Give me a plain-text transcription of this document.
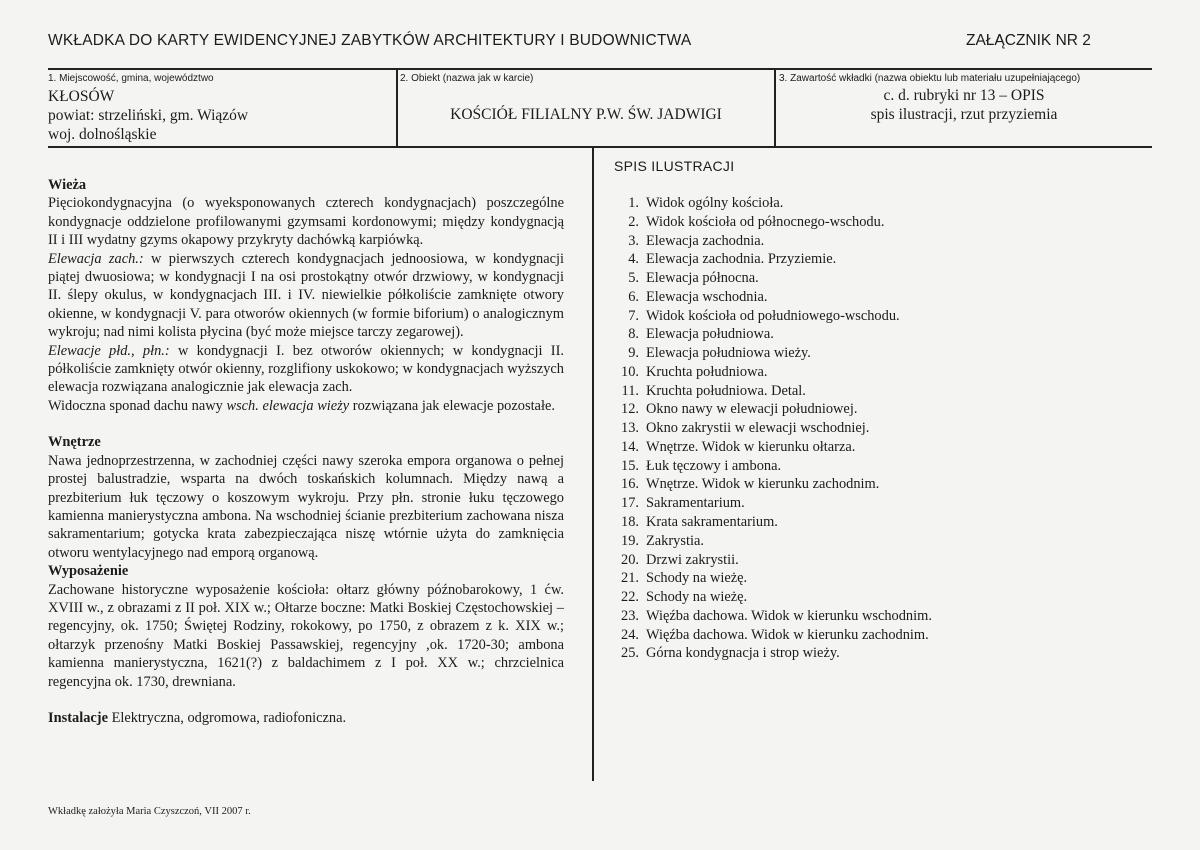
WKŁADKA DO KARTY EWIDENCYJNEJ ZABYTKÓW ARCHITEKTURY I BUDOWNICTWA	ZAŁĄCZNIK NR 2
1. Miejscowość, gmina, województwo
KŁOSÓW
powiat: strzeliński, gm. Wiązów
woj. dolnośląskie
2. Obiekt (nazwa jak w karcie)
KOŚCIÓŁ FILIALNY P.W. ŚW. JADWIGI
3. Zawartość wkładki (nazwa obiektu lub materiału uzupełniającego)
c. d. rubryki nr 13 – OPIS
spis ilustracji, rzut przyziemia

Wieża

Pięciokondygnacyjna (o wyeksponowanych czterech kondygnacjach) poszczególne kondygnacje oddzielone profilowanymi gzymsami kordonowymi; między kondygnacją II i III wydatny gzyms okapowy przykryty dachówką karpiówką.

Elewacja zach.: w pierwszych czterech kondygnacjach jednoosiowa, w kondygnacji piątej dwuosiowa; w kondygnacji I na osi prostokątny otwór drzwiowy, w kondygnacji II. ślepy okulus, w kondygnacjach III. i IV. niewielkie półkoliście zamknięte otwory okienne, w kondygnacji V. para otworów okiennych (w formie biforium) o analogicznym wykroju; nad nimi kolista płycina (być może miejsce tarczy zegarowej).

Elewacje płd., płn.: w kondygnacji I. bez otworów okiennych; w kondygnacji II. półkoliście zamknięty otwór okienny, rozglifiony uskokowo; w kondygnacjach wyższych elewacja rozwiązana analogicznie jak elewacja zach.

Widoczna sponad dachu nawy wsch. elewacja wieży rozwiązana jak elewacje pozostałe.

Wnętrze

Nawa jednoprzestrzenna, w zachodniej części nawy szeroka empora organowa o pełnej prostej balustradzie, wsparta na dwóch toskańskich kolumnach. Między nawą a prezbiterium łuk tęczowy o koszowym wykroju. Przy płn. stronie łuku tęczowego kamienna manierystyczna ambona. Na wschodniej ścianie prezbiterium zachowana nisza sakramentarium; gotycka krata zabezpieczająca niszę wtórnie użyta do zamknięcia otworu wentylacyjnego nad emporą organową.

Wyposażenie

Zachowane historyczne wyposażenie kościoła: ołtarz główny późnobarokowy, 1 ćw. XVIII w., z obrazami z II poł. XIX w.; Ołtarze boczne: Matki Boskiej Częstochowskiej – regencyjny, ok. 1750; Świętej Rodziny, rokokowy, po 1750, z obrazem z k. XIX w.; ołtarzyk przenośny Matki Boskiej Passawskiej, regencyjny ,ok. 1720-30; ambona kamienna manierystyczna, 1621(?) z baldachimem z I poł. XX w.; chrzcielnica regencyjna ok. 1730, drewniana.

Instalacje Elektryczna, odgromowa, radiofoniczna.

SPIS ILUSTRACJI
1. Widok ogólny kościoła.
2. Widok kościoła od północnego-wschodu.
3. Elewacja zachodnia.
4. Elewacja zachodnia. Przyziemie.
5. Elewacja północna.
6. Elewacja wschodnia.
7. Widok kościoła od południowego-wschodu.
8. Elewacja południowa.
9. Elewacja południowa wieży.
10. Kruchta południowa.
11. Kruchta południowa. Detal.
12. Okno nawy w elewacji południowej.
13. Okno zakrystii w elewacji wschodniej.
14. Wnętrze. Widok w kierunku ołtarza.
15. Łuk tęczowy i ambona.
16. Wnętrze. Widok w kierunku zachodnim.
17. Sakramentarium.
18. Krata sakramentarium.
19. Zakrystia.
20. Drzwi zakrystii.
21. Schody na wieżę.
22. Schody na wieżę.
23. Więźba dachowa. Widok w kierunku wschodnim.
24. Więźba dachowa. Widok w kierunku zachodnim.
25. Górna kondygnacja i strop wieży.
Wkładkę założyła Maria Czyszczoń, VII 2007 r.
